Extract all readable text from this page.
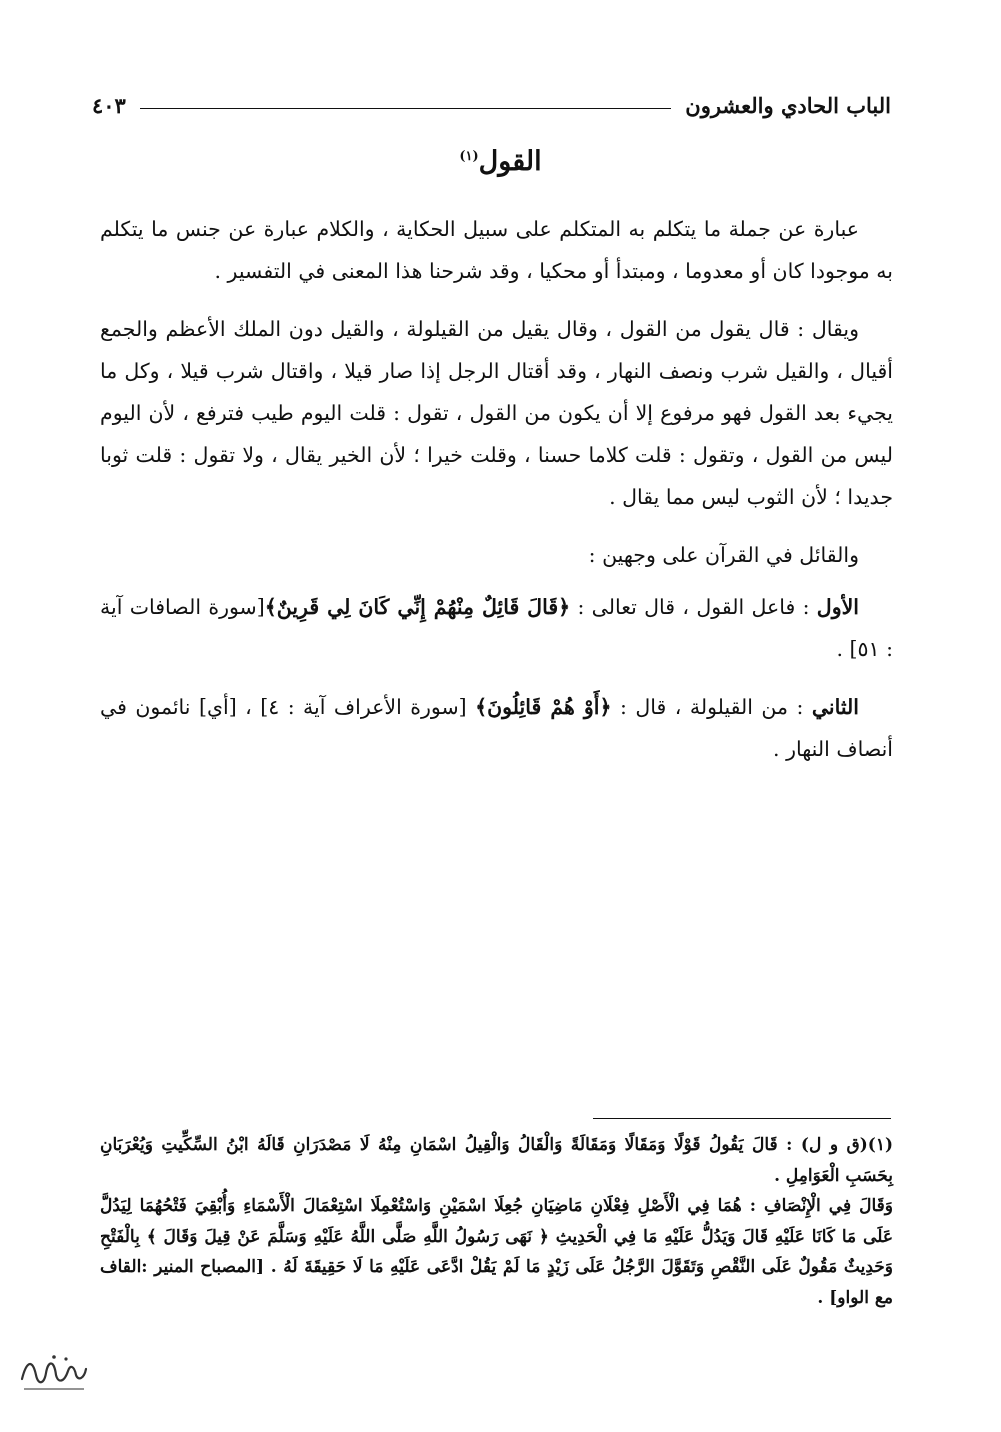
الباب الحادي والعشرون
٤٠٣
القول$^{(١)}$

عبارة عن جملة ما يتكلم به المتكلم على سبيل الحكاية ، والكلام عبارة عن جنس ما يتكلم به موجودا كان أو معدوما ، ومبتدأ أو محكيا ، وقد شرحنا هذا المعنى في التفسير .

ويقال : قال يقول من القول ، وقال يقيل من القيلولة ، والقيل دون الملك الأعظم والجمع أقيال ، والقيل شرب ونصف النهار ، وقد أقتال الرجل إذا صار قيلا ، واقتال شرب قيلا ، وكل ما يجيء بعد القول فهو مرفوع إلا أن يكون من القول ، تقول : قلت اليوم طيب فترفع ، لأن اليوم ليس من القول ، وتقول : قلت كلاما حسنا ، وقلت خيرا ؛ لأن الخير يقال ، ولا تقول : قلت ثوبا جديدا ؛ لأن الثوب ليس مما يقال .

والقائل في القرآن على وجهين :

الأول : فاعل القول ، قال تعالى : ﴿قَالَ قَائِلٌ مِنْهُمْ إِنِّي كَانَ لِي قَرِينٌ﴾[سورة الصافات آية : ٥١] .

الثاني : من القيلولة ، قال : ﴿أَوْ هُمْ قَائِلُونَ﴾ [سورة الأعراف آية : ٤] ، [أي] نائمون في أنصاف النهار .

(١)(ق و ل) : قَالَ يَقُولُ قَوْلًا وَمَقَالًا وَمَقَالَةً وَالْقَالُ وَالْقِيلُ اسْمَانِ مِنْهُ لَا مَصْدَرَانِ قَالَهُ ابْنُ السِّكِّيتِ وَيُعْرَبَانِ بِحَسَبِ الْعَوَامِلِ .

وَقَالَ فِي الْإِنْصَافِ : هُمَا فِي الْأَصْلِ فِعْلَانِ مَاضِيَانِ جُعِلَا اسْمَيْنِ وَاسْتُعْمِلَا اسْتِعْمَالَ الْأَسْمَاءِ وَأُبْقِيَ فَتْحُهُمَا لِيَدُلَّ عَلَى مَا كَانَا عَلَيْهِ قَالَ وَيَدُلُّ عَلَيْهِ مَا فِي الْحَدِيثِ ﴿ نَهَى رَسُولُ اللَّهِ صَلَّى اللَّهُ عَلَيْهِ وَسَلَّمَ عَنْ قِيلَ وَقَالَ ﴾ بِالْفَتْحِ وَحَدِيثٌ مَقُولٌ عَلَى النَّقْصِ وَتَقَوَّلَ الرَّجُلُ عَلَى زَيْدٍ مَا لَمْ يَقُلْ ادَّعَى عَلَيْهِ مَا لَا حَقِيقَةَ لَهُ . [المصباح المنير :القاف مع الواو] .
